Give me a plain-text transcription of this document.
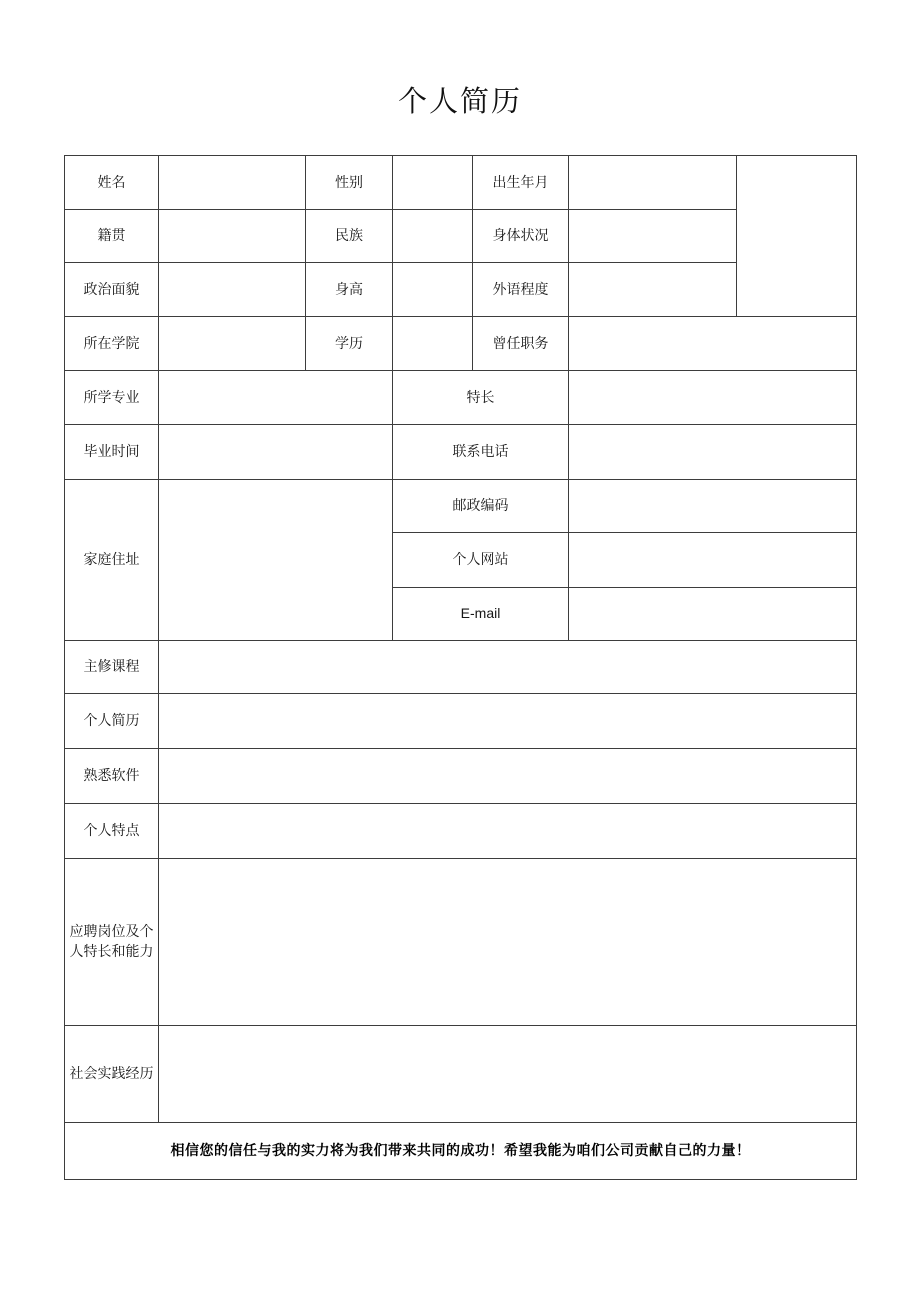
个人简历
姓名		性别		出生年月		
籍贯		民族		身体状况		
政治面貌		身高		外语程度		
所在学院		学历		曾任职务		
所学专业			特长			
毕业时间			联系电话			
家庭住址			邮政编码			
			个人网站			
			E-mail			
主修课程						
个人简历						
熟悉软件						
个人特点						
应聘岗位及个人特长和能力						
社会实践经历						
相信您的信任与我的实力将为我们带来共同的成功！希望我能为咱们公司贡献自己的力量！						
